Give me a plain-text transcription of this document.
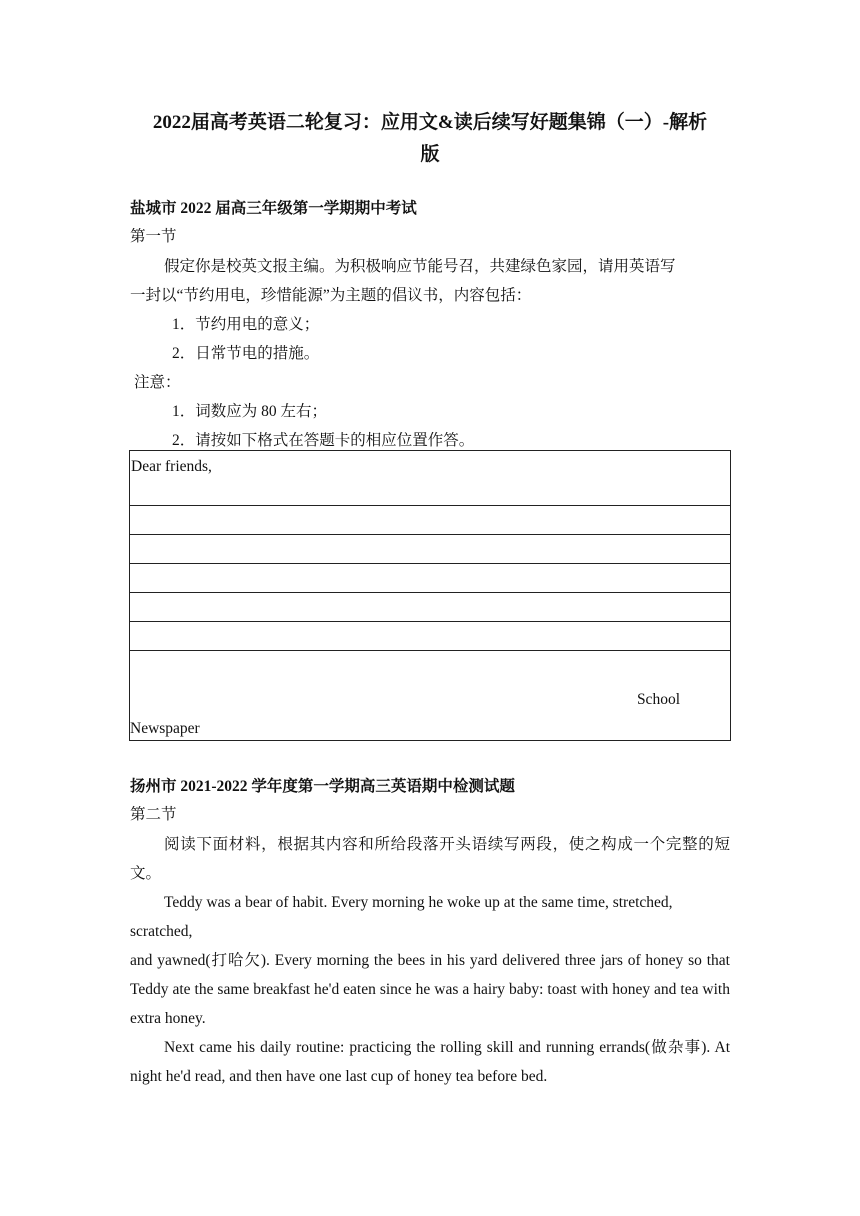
2022届高考英语二轮复习：应用文&读后续写好题集锦（一）-解析
版
盐城市 2022 届高三年级第一学期期中考试
第一节
假定你是校英文报主编。为积极响应节能号召，共建绿色家园，请用英语写
一封以“节约用电，珍惜能源”为主题的倡议书，内容包括：
1．节约用电的意义；
2．日常节电的措施。
注意：
1．词数应为 80 左右；
2．请按如下格式在答题卡的相应位置作答。
Dear friends,

School
Newspaper
扬州市 2021-2022 学年度第一学期高三英语期中检测试题
第二节
阅读下面材料，根据其内容和所给段落开头语续写两段，使之构成一个完整的短文。
Teddy was a bear of habit. Every morning he woke up at the same time, stretched,
scratched,
and yawned(打哈欠). Every morning the bees in his yard delivered three jars of honey so that Teddy ate the same breakfast he'd eaten since he was a hairy baby: toast with honey and tea with extra honey.
Next came his daily routine: practicing the rolling skill and running errands(做杂事). At night he'd read, and then have one last cup of honey tea before bed.
